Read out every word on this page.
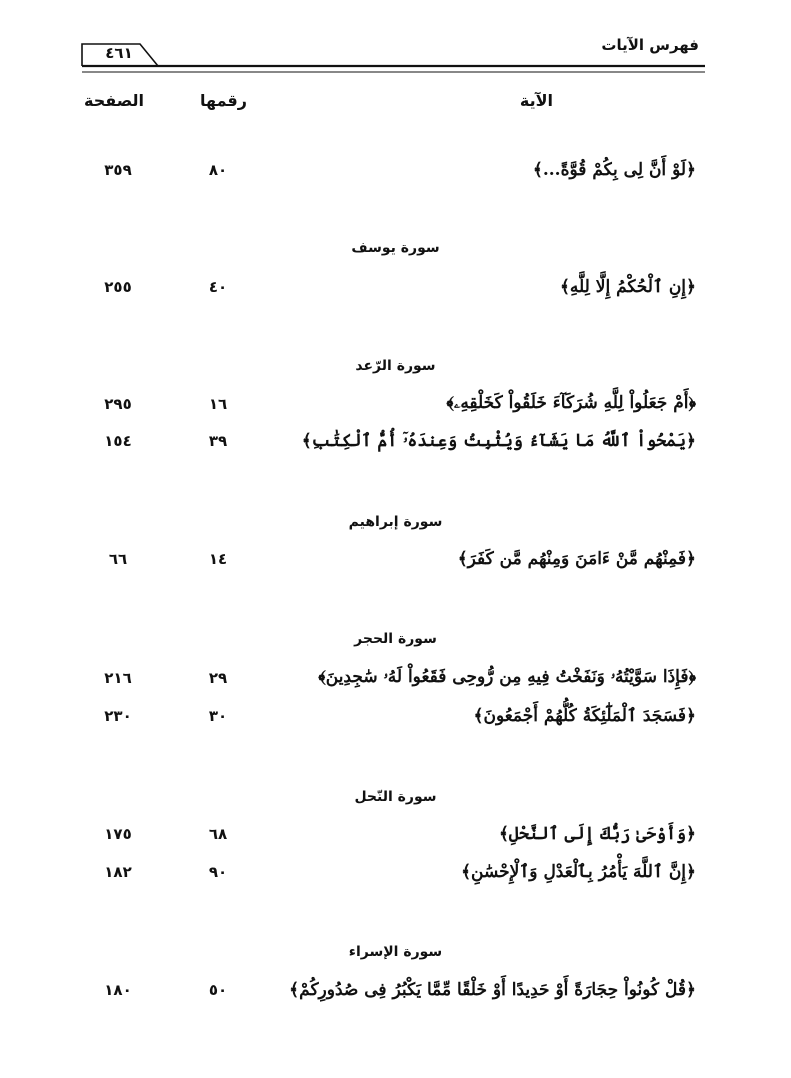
فهرس الآيات
٤٦١
الآية
رقمها
الصفحة
﴿لَوْ أَنَّ لِى بِكُمْ قُوَّةً...﴾
٨٠
٣٥٩
سورة يوسف
﴿إِنِ ٱلْحُكْمُ إِلَّا لِلَّهِ﴾
٤٠
٢٥٥
سورة الرّعد
﴿أَمْ جَعَلُواْ لِلَّهِ شُرَكَآءَ خَلَقُواْ كَخَلْقِهِۦ﴾
١٦
٢٩٥
﴿يَمْحُواْ ٱللَّهُ مَا يَشَآءُ وَيُثْبِتُ وَعِندَهُۥٓ أُمُّ ٱلْكِتَٰبِ﴾
٣٩
١٥٤
سورة إبراهيم
﴿فَمِنْهُم مَّنْ ءَامَنَ وَمِنْهُم مَّن كَفَرَ﴾
١٤
٦٦
سورة الحجر
﴿فَإِذَا سَوَّيْتُهُۥ وَنَفَخْتُ فِيهِ مِن رُّوحِى فَقَعُواْ لَهُۥ سَٰجِدِينَ﴾
٢٩
٢١٦
﴿فَسَجَدَ ٱلْمَلَٰٓئِكَةُ كُلُّهُمْ أَجْمَعُونَ﴾
٣٠
٢٣٠
سورة النّحل
﴿وَأَوْحَىٰ رَبُّكَ إِلَى ٱلنَّحْلِ﴾
٦٨
١٧٥
﴿إِنَّ ٱللَّهَ يَأْمُرُ بِٱلْعَدْلِ وَٱلْإِحْسَٰنِ﴾
٩٠
١٨٢
سورة الإسراء
﴿قُلْ كُونُواْ حِجَارَةً أَوْ حَدِيدًا أَوْ خَلْقًا مِّمَّا يَكْبُرُ فِى صُدُورِكُمْ﴾
٥٠
١٨٠
